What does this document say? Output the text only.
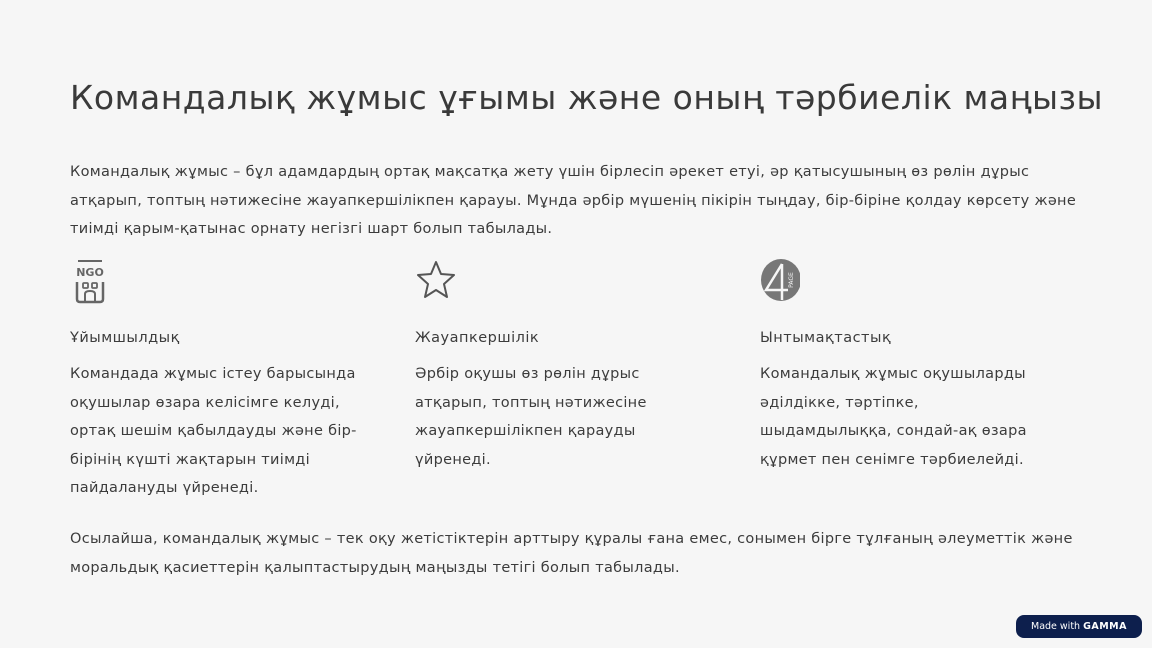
Командалық жұмыс ұғымы және оның тәрбиелік маңызы

Командалық жұмыс – бұл адамдардың ортақ мақсатқа жету үшін бірлесіп әрекет етуі, әр қатысушының өз рөлін дұрыс атқарып, топтың нәтижесіне жауапкершілікпен қарауы. Мұнда әрбір мүшенің пікірін тыңдау, бір-біріне қолдау көрсету және тиімді қарым-қатынас орнату негізгі шарт болып табылады.

NGO
Ұйымшылдық
Командада жұмыс істеу барысында оқушылар өзара келісімге келуді, ортақ шешім қабылдауды және бір-бірінің күшті жақтарын тиімді пайдалануды үйренеді.
Жауапкершілік
Әрбір оқушы өз рөлін дұрыс атқарып, топтың нәтижесіне жауапкершілікпен қарауды үйренеді.
PAGE
Ынтымақтастық
Командалық жұмыс оқушыларды әділдікке, тәртіпке, шыдамдылыққа, сондай-ақ өзара құрмет пен сенімге тәрбиелейді.

Осылайша, командалық жұмыс – тек оқу жетістіктерін арттыру құралы ғана емес, сонымен бірге тұлғаның әлеуметтік және моральдық қасиеттерін қалыптастырудың маңызды тетігі болып табылады.

Made with GAMMA
